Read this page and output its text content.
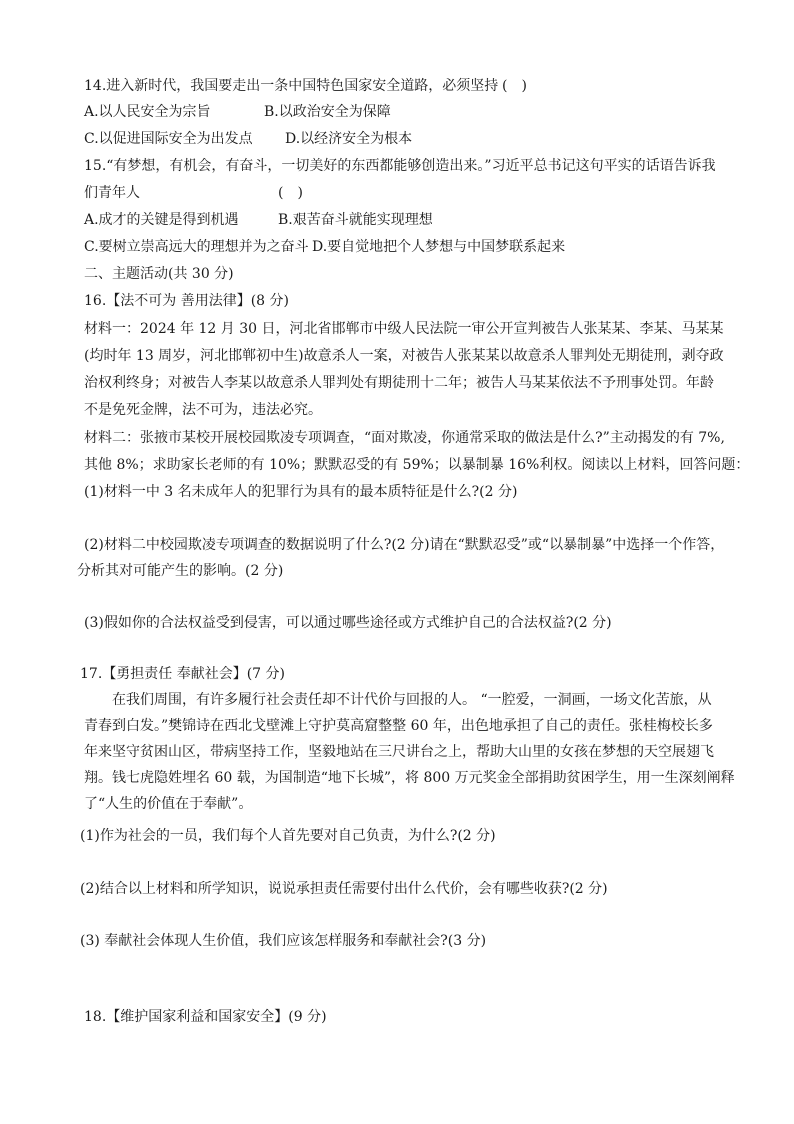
14.进入新时代，我国要走出一条中国特色国家安全道路，必须坚持 (  )
A.以人民安全为宗旨	B.以政治安全为保障
C.以促进国际安全为出发点 D.以经济安全为根本
15.“有梦想，有机会，有奋斗，一切美好的东西都能够创造出来。”习近平总书记这句平实的话语告诉我
们青年人	(  )
A.成才的关键是得到机遇	B.艰苦奋斗就能实现理想
C.要树立崇高远大的理想并为之奋斗 D.要自觉地把个人梦想与中国梦联系起来
二、主题活动(共 30 分)
16.【法不可为 善用法律】(8 分)
材料一：2024 年 12 月 30 日，河北省邯郸市中级人民法院一审公开宣判被告人张某某、李某、马某某
(均时年 13 周岁，河北邯郸初中生)故意杀人一案，对被告人张某某以故意杀人罪判处无期徒刑，剥夺政
治权利终身；对被告人李某以故意杀人罪判处有期徒刑十二年；被告人马某某依法不予刑事处罚。年龄
不是免死金牌，法不可为，违法必究。
材料二：张掖市某校开展校园欺凌专项调查，“面对欺凌，你通常采取的做法是什么?”主动揭发的有 7%,
其他 8%；求助家长老师的有 10%；默默忍受的有 59%；以暴制暴 16%利权。阅读以上材料，回答问题：
(1)材料一中 3 名未成年人的犯罪行为具有的最本质特征是什么?(2 分)
(2)材料二中校园欺凌专项调查的数据说明了什么?(2 分)请在“默默忍受”或“以暴制暴”中选择一个作答，
分析其对可能产生的影响。(2 分)
(3)假如你的合法权益受到侵害，可以通过哪些途径或方式维护自己的合法权益?(2 分)
17.【勇担责任 奉献社会】(7 分)
在我们周围，有许多履行社会责任却不计代价与回报的人。 “一腔爱，一洞画，一场文化苦旅，从
青春到白发。”樊锦诗在西北戈壁滩上守护莫高窟整整 60 年，出色地承担了自己的责任。张桂梅校长多
年来坚守贫困山区，带病坚持工作，坚毅地站在三尺讲台之上，帮助大山里的女孩在梦想的天空展翅飞
翔。钱七虎隐姓埋名 60 载，为国制造“地下长城”，将 800 万元奖金全部捐助贫困学生，用一生深刻阐释
了“人生的价值在于奉献”。
(1)作为社会的一员，我们每个人首先要对自己负责，为什么?(2 分)
(2)结合以上材料和所学知识，说说承担责任需要付出什么代价，会有哪些收获?(2 分)
(3) 奉献社会体现人生价值，我们应该怎样服务和奉献社会?(3 分)
18.【维护国家利益和国家安全】(9 分)
